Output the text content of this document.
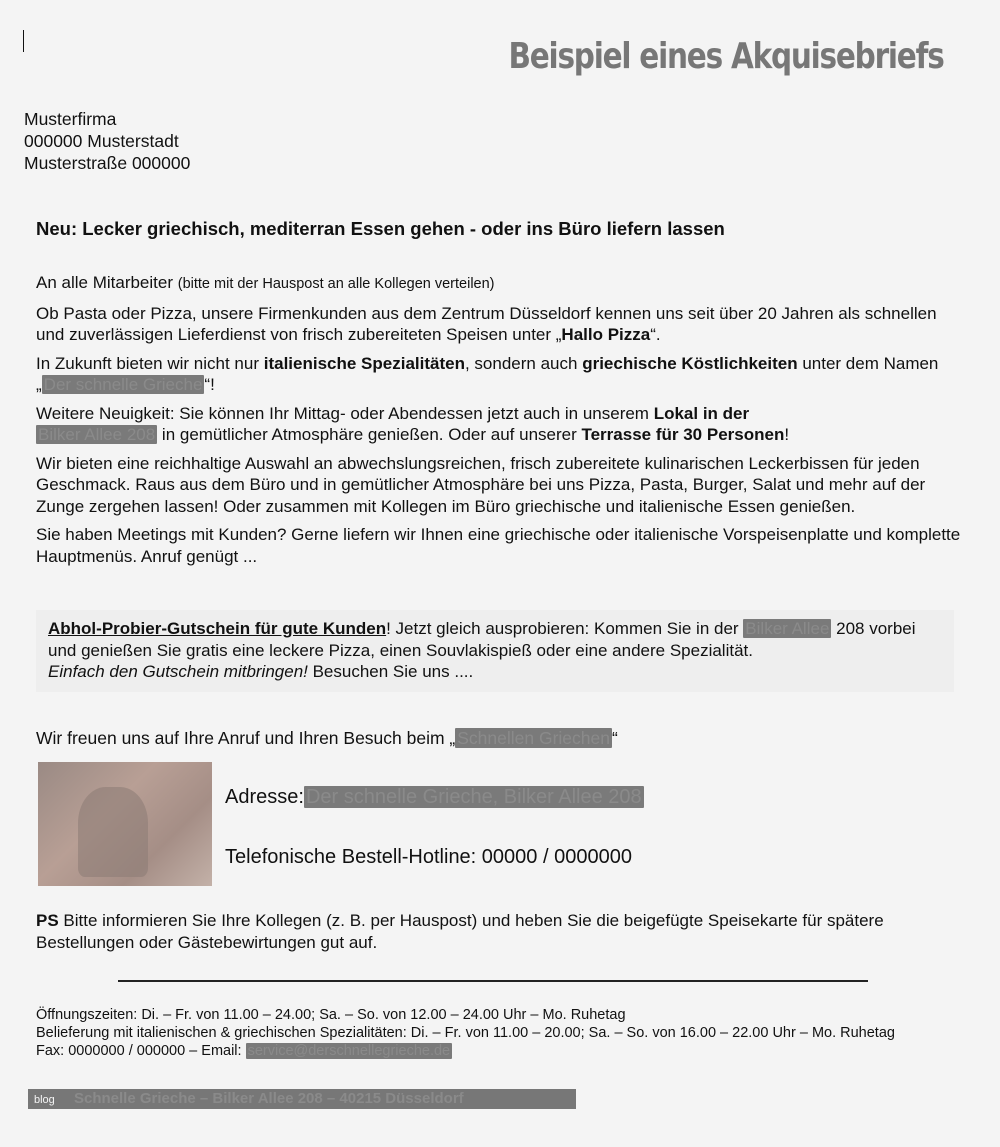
Beispiel eines Akquisebriefs
Musterfirma
000000 Musterstadt
Musterstraße 000000
Neu: Lecker griechisch, mediterran Essen gehen - oder ins Büro liefern lassen

An alle Mitarbeiter (bitte mit der Hauspost an alle Kollegen verteilen)

Ob Pasta oder Pizza, unsere Firmenkunden aus dem Zentrum Düsseldorf kennen uns seit über 20 Jahren als schnellen und zuverlässigen Lieferdienst von frisch zubereiteten Speisen unter „Hallo Pizza“.

In Zukunft bieten wir nicht nur italienische Spezialitäten, sondern auch griechische Köstlichkeiten unter dem Namen „ Der schnelle Grieche “!

Weitere Neuigkeit: Sie können Ihr Mittag- oder Abendessen jetzt auch in unserem Lokal in der
Bilker Allee 208 in gemütlicher Atmosphäre genießen. Oder auf unserer Terrasse für 30 Personen!

Wir bieten eine reichhaltige Auswahl an abwechslungsreichen, frisch zubereitete kulinarischen Leckerbissen für jeden Geschmack. Raus aus dem Büro und in gemütlicher Atmosphäre bei uns Pizza, Pasta, Burger, Salat und mehr auf der Zunge zergehen lassen! Oder zusammen mit Kollegen im Büro griechische und italienische Essen genießen.

Sie haben Meetings mit Kunden? Gerne liefern wir Ihnen eine griechische oder italienische Vorspeisenplatte und komplette Hauptmenüs. Anruf genügt ...

Abhol-Probier-Gutschein für gute Kunden! Jetzt gleich ausprobieren: Kommen Sie in der Bilker Allee 208 vorbei und genießen Sie gratis eine leckere Pizza, einen Souvlakispieß oder eine andere Spezialität.
Einfach den Gutschein mitbringen! Besuchen Sie uns ....
Wir freuen uns auf Ihre Anruf und Ihren Besuch beim „ Schnellen Griechen “
Adresse: Der schnelle Grieche, Bilker Allee 208
Telefonische Bestell-Hotline: 00000 / 0000000
PS Bitte informieren Sie Ihre Kollegen (z. B. per Hauspost) und heben Sie die beigefügte Speisekarte für spätere Bestellungen oder Gästebewirtungen gut auf.
Öffnungszeiten: Di. – Fr. von 11.00 – 24.00; Sa. – So. von 12.00 – 24.00 Uhr – Mo. Ruhetag
Belieferung mit italienischen & griechischen Spezialitäten: Di. – Fr. von 11.00 – 20.00; Sa. – So. von 16.00 – 22.00 Uhr – Mo. Ruhetag
Fax: 0000000 / 000000 – Email: service@derschnellegrieche.de
Schnelle Grieche – Bilker Allee 208 – 40215 Düsseldorf
blog
